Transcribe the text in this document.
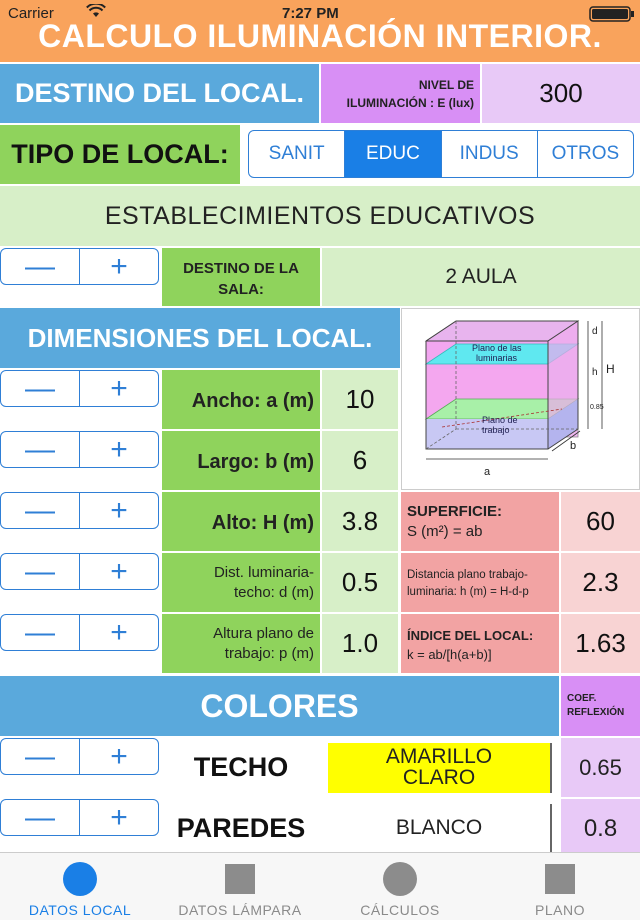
Carrier	7:27 PM
CALCULO ILUMINACIÓN INTERIOR.
DESTINO DEL LOCAL.	NIVEL DE
ILUMINACIÓN : E (lux)	300
TIPO DE LOCAL:	SANIT	EDUC	INDUS	OTROS
ESTABLECIMIENTOS EDUCATIVOS
—	+	DESTINO DE LA
SALA:
2 AULA
DIMENSIONES DEL LOCAL.	Plano de las
luminarias
Plano de
trabajo
d
h H
0.85
a
b
—	+	Ancho: a (m)	10
—	+	Largo: b (m)	6
—	+	Alto: H (m)	3.8	SUPERFICIE:
S (m²) = ab	60
—	+	Dist. luminaria-
techo: d (m)	0.5	Distancia plano trabajo-
luminaria: h (m) = H-d-p	2.3
—	+	Altura plano de
trabajo: p (m)	1.0	ÍNDICE DEL LOCAL:
k = ab/[h(a+b)]	1.63
COLORES	COEF.
REFLEXIÓN
—	+	TECHO	AMARILLO
CLARO	0.65
—	+	PAREDES	BLANCO	0.8
DATOS LOCAL	DATOS LÁMPARA	CÁLCULOS	PLANO
